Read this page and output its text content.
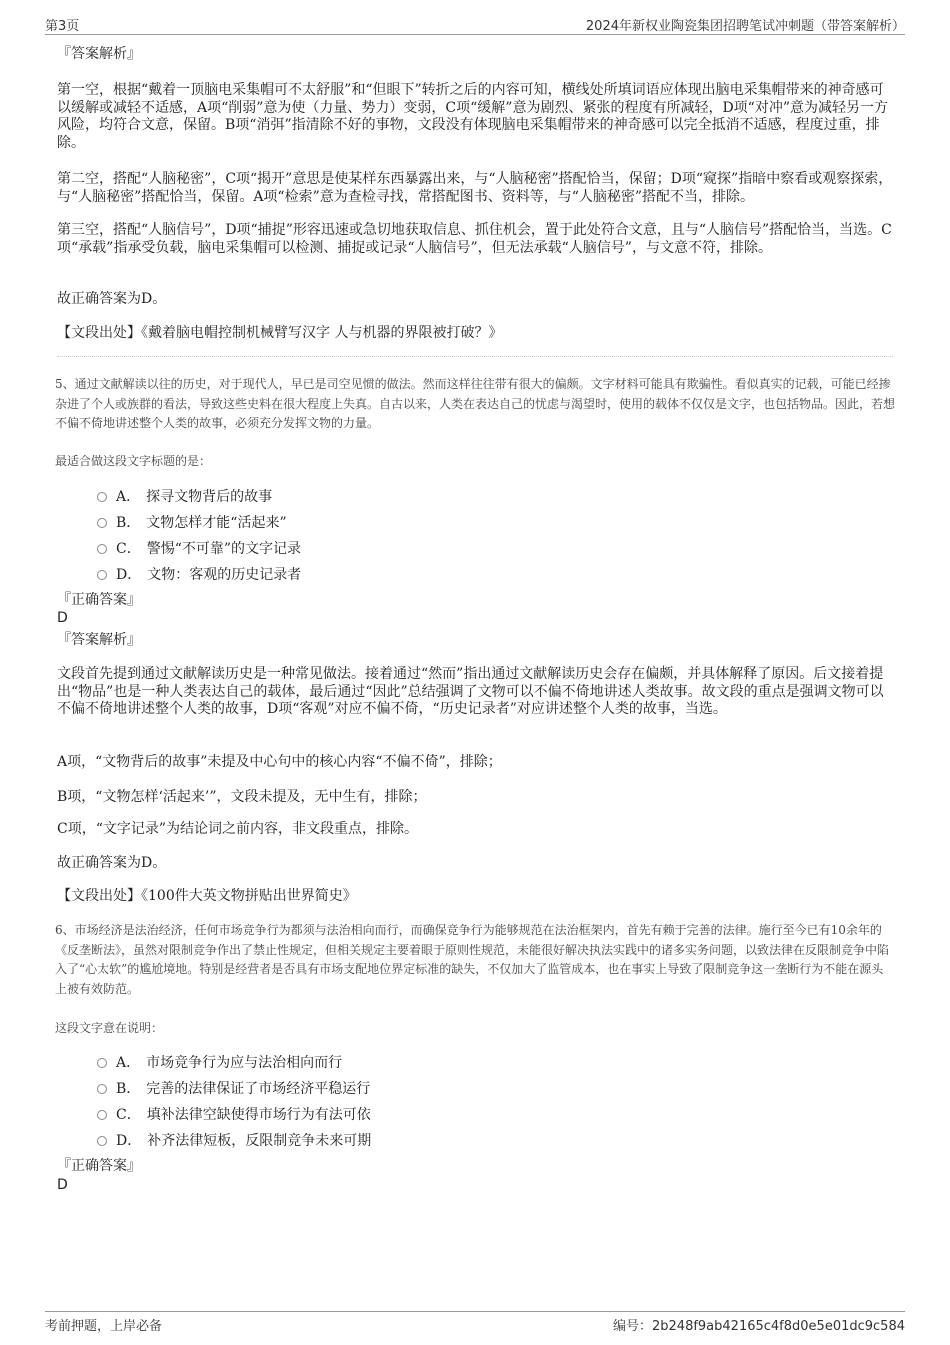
第3页	2024年新权业陶瓷集团招聘笔试冲刺题（带答案解析）
『答案解析』
第一空，根据“戴着一顶脑电采集帽可不太舒服”和“但眼下”转折之后的内容可知，横线处所填词语应体现出脑电采集帽带来的神奇感可以缓解或减轻不适感，A项“削弱”意为使（力量、势力）变弱，C项“缓解”意为剧烈、紧张的程度有所减轻，D项“对冲”意为减轻另一方风险，均符合文意，保留。B项“消弭”指清除不好的事物，文段没有体现脑电采集帽带来的神奇感可以完全抵消不适感，程度过重，排除。
第二空，搭配“人脑秘密”，C项“揭开”意思是使某样东西暴露出来，与“人脑秘密”搭配恰当，保留；D项“窥探”指暗中察看或观察探索，与“人脑秘密”搭配恰当，保留。A项“检索”意为查检寻找，常搭配图书、资料等，与“人脑秘密”搭配不当，排除。
第三空，搭配“人脑信号”，D项“捕捉”形容迅速或急切地获取信息、抓住机会，置于此处符合文意，且与“人脑信号”搭配恰当，当选。C项“承载”指承受负载，脑电采集帽可以检测、捕捉或记录“人脑信号”，但无法承载“人脑信号”，与文意不符，排除。
故正确答案为D。
【文段出处】《戴着脑电帽控制机械臂写汉字 人与机器的界限被打破？》
5、通过文献解读以往的历史，对于现代人，早已是司空见惯的做法。然而这样往往带有很大的偏颇。文字材料可能具有欺骗性。看似真实的记载，可能已经掺杂进了个人或族群的看法，导致这些史料在很大程度上失真。自古以来，人类在表达自己的忧虑与渴望时，使用的载体不仅仅是文字，也包括物品。因此，若想不偏不倚地讲述整个人类的故事，必须充分发挥文物的力量。
最适合做这段文字标题的是：
A． 探寻文物背后的故事
B． 文物怎样才能“活起来”
C． 警惕“不可靠”的文字记录
D． 文物：客观的历史记录者
『正确答案』
D
『答案解析』
文段首先提到通过文献解读历史是一种常见做法。接着通过“然而”指出通过文献解读历史会存在偏颇，并具体解释了原因。后文接着提出“物品”也是一种人类表达自己的载体，最后通过“因此”总结强调了文物可以不偏不倚地讲述人类故事。故文段的重点是强调文物可以不偏不倚地讲述整个人类的故事，D项“客观”对应不偏不倚，“历史记录者”对应讲述整个人类的故事，当选。
A项，“文物背后的故事”未提及中心句中的核心内容“不偏不倚”，排除；
B项，“文物怎样‘活起来’”，文段未提及，无中生有，排除；
C项，“文字记录”为结论词之前内容，非文段重点，排除。
故正确答案为D。
【文段出处】《100件大英文物拼贴出世界简史》
6、市场经济是法治经济，任何市场竞争行为都须与法治相向而行，而确保竞争行为能够规范在法治框架内，首先有赖于完善的法律。施行至今已有10余年的《反垄断法》，虽然对限制竞争作出了禁止性规定，但相关规定主要着眼于原则性规范，未能很好解决执法实践中的诸多实务问题，以致法律在反限制竞争中陷入了“心太软”的尴尬境地。特别是经营者是否具有市场支配地位界定标准的缺失，不仅加大了监管成本，也在事实上导致了限制竞争这一垄断行为不能在源头上被有效防范。
这段文字意在说明：
A． 市场竞争行为应与法治相向而行
B． 完善的法律保证了市场经济平稳运行
C． 填补法律空缺使得市场行为有法可依
D． 补齐法律短板，反限制竞争未来可期
『正确答案』
D
考前押题，上岸必备	编号：2b248f9ab42165c4f8d0e5e01dc9c584
